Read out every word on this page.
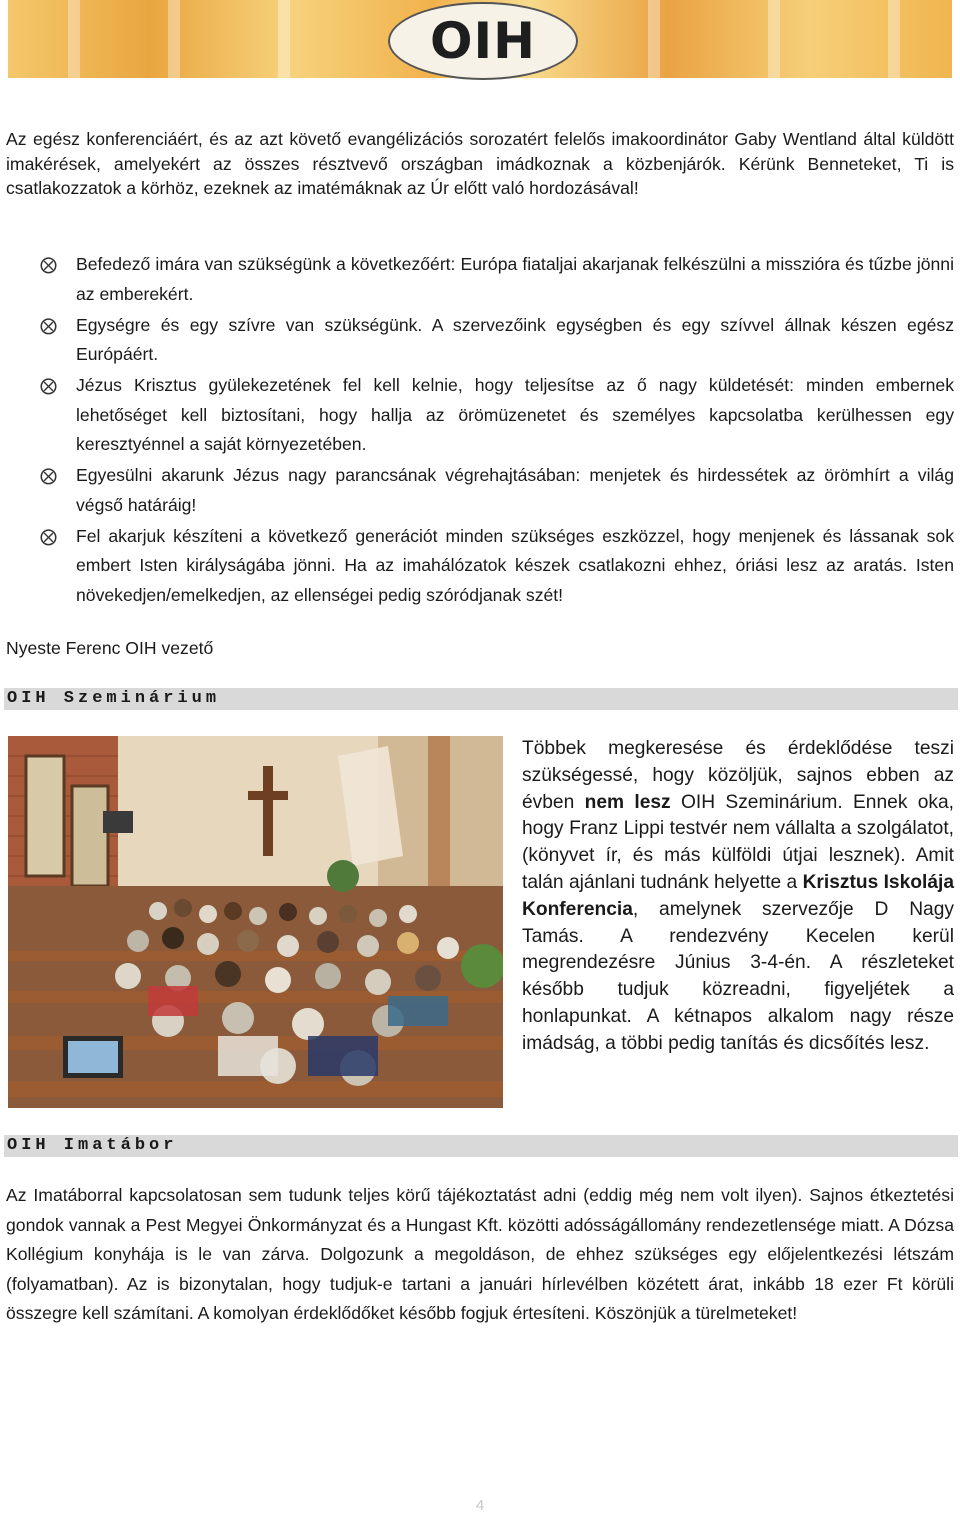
OIH
Az egész konferenciáért, és az azt követő evangélizációs sorozatért felelős imakoordinátor Gaby Wentland által küldött imakérések, amelyekért az összes résztvevő országban imádkoznak a közbenjárók. Kérünk Benneteket, Ti is csatlakozzatok a körhöz, ezeknek az imatémáknak az Úr előtt való hordozásával!
⨂ Befedező imára van szükségünk a következőért: Európa fiataljai akarjanak felkészülni a misszióra és tűzbe jönni az emberekért.
⨂ Egységre és egy szívre van szükségünk. A szervezőink egységben és egy szívvel állnak készen egész Európáért.
⨂ Jézus Krisztus gyülekezetének fel kell kelnie, hogy teljesítse az ő nagy küldetését: minden embernek lehetőséget kell biztosítani, hogy hallja az örömüzenetet és személyes kapcsolatba kerülhessen egy keresztyénnel a saját környezetében.
⨂ Egyesülni akarunk Jézus nagy parancsának végrehajtásában: menjetek és hirdessétek az örömhírt a világ végső határáig!
⨂ Fel akarjuk készíteni a következő generációt minden szükséges eszközzel, hogy menjenek és lássanak sok embert Isten királyságába jönni. Ha az imahálózatok készek csatlakozni ehhez, óriási lesz az aratás. Isten növekedjen/emelkedjen, az ellenségei pedig szóródjanak szét!
Nyeste Ferenc OIH vezető
OIH Szeminárium
Többek megkeresése és érdeklődése teszi szükségessé, hogy közöljük, sajnos ebben az évben nem lesz OIH Szeminárium. Ennek oka, hogy Franz Lippi testvér nem vállalta a szolgálatot, (könyvet ír, és más külföldi útjai lesznek). Amit talán ajánlani tudnánk helyette a Krisztus Iskolája Konferencia, amelynek szervezője D Nagy Tamás. A rendezvény Kecelen kerül megrendezésre Június 3-4-én. A részleteket később tudjuk közreadni, figyeljétek a honlapunkat. A kétnapos alkalom nagy része imádság, a többi pedig tanítás és dicsőítés lesz.
OIH Imatábor
Az Imatáborral kapcsolatosan sem tudunk teljes körű tájékoztatást adni (eddig még nem volt ilyen). Sajnos étkeztetési gondok vannak a Pest Megyei Önkormányzat és a Hungast Kft. közötti adósságállomány rendezetlensége miatt. A Dózsa Kollégium konyhája is le van zárva. Dolgozunk a megoldáson, de ehhez szükséges egy előjelentkezési létszám (folyamatban). Az is bizonytalan, hogy tudjuk-e tartani a januári hírlevélben közétett árat, inkább 18 ezer Ft körüli összegre kell számítani. A komolyan érdeklődőket később fogjuk értesíteni. Köszönjük a türelmeteket!
4
